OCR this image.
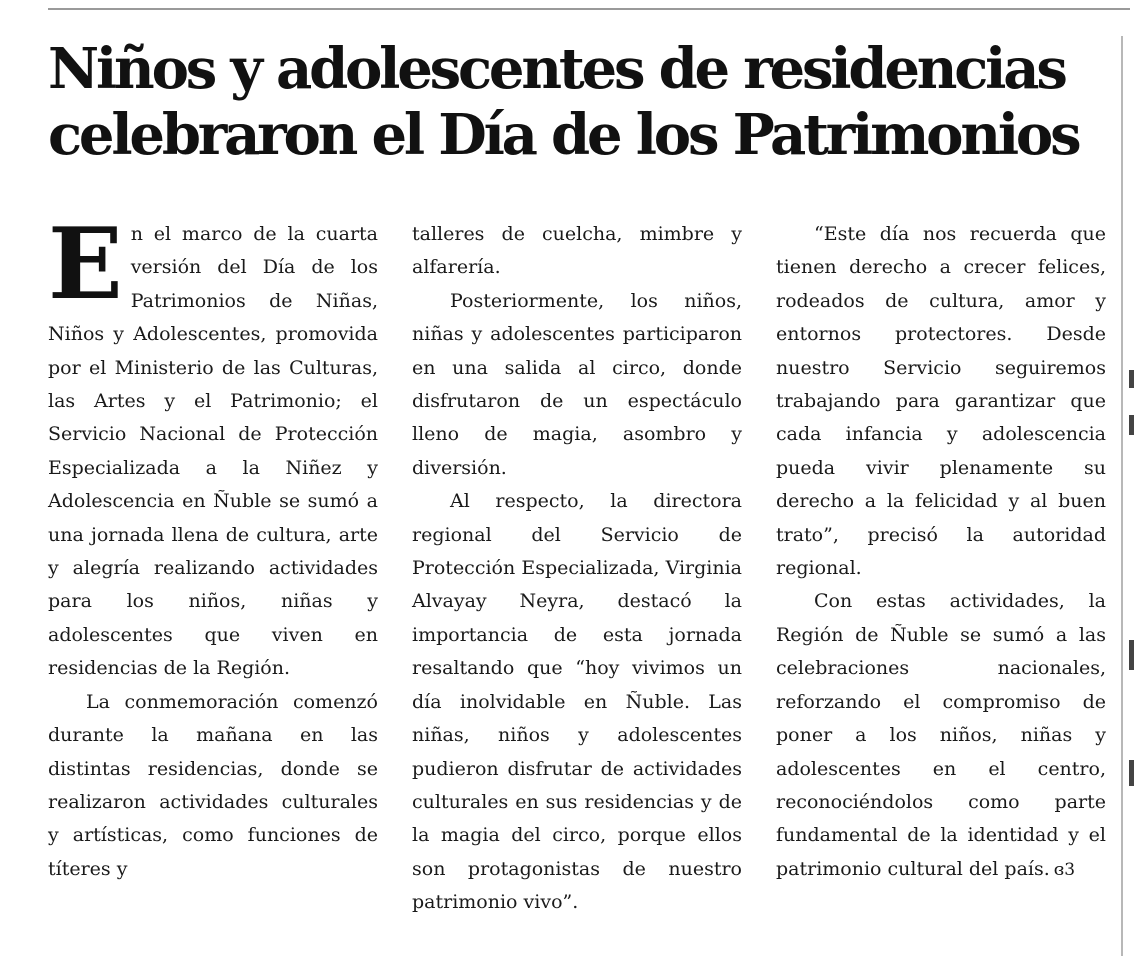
Niños y adolescentes de residencias celebraron el Día de los Patrimonios

En el marco de la cuarta versión del Día de los Patrimonios de Niñas, Niños y Adolescentes, promovida por el Ministerio de las Culturas, las Artes y el Patrimonio; el Servicio Nacional de Protección Especializada a la Niñez y Adolescencia en Ñuble se sumó a una jornada llena de cultura, arte y alegría realizando actividades para los niños, niñas y adolescentes que viven en residencias de la Región.

La conmemoración comenzó durante la mañana en las distintas residencias, donde se realizaron actividades culturales y artísticas, como funciones de títeres y

talleres de cuelcha, mimbre y alfarería.

Posteriormente, los niños, niñas y adolescentes participaron en una salida al circo, donde disfrutaron de un espectáculo lleno de magia, asombro y diversión.

Al respecto, la directora regional del Servicio de Protección Especializada, Virginia Alvayay Neyra, destacó la importancia de esta jornada resaltando que “hoy vivimos un día inolvidable en Ñuble. Las niñas, niños y adolescentes pudieron disfrutar de actividades culturales en sus residencias y de la magia del circo, porque ellos son protagonistas de nuestro patrimonio vivo”.

“Este día nos recuerda que tienen derecho a crecer felices, rodeados de cultura, amor y entornos protectores. Desde nuestro Servicio seguiremos trabajando para garantizar que cada infancia y adolescencia pueda vivir plenamente su derecho a la felicidad y al buen trato”, precisó la autoridad regional.

Con estas actividades, la Región de Ñuble se sumó a las celebraciones nacionales, reforzando el compromiso de poner a los niños, niñas y adolescentes en el centro, reconociéndolos como parte fundamental de la identidad y el patrimonio cultural del país. ɞ3
